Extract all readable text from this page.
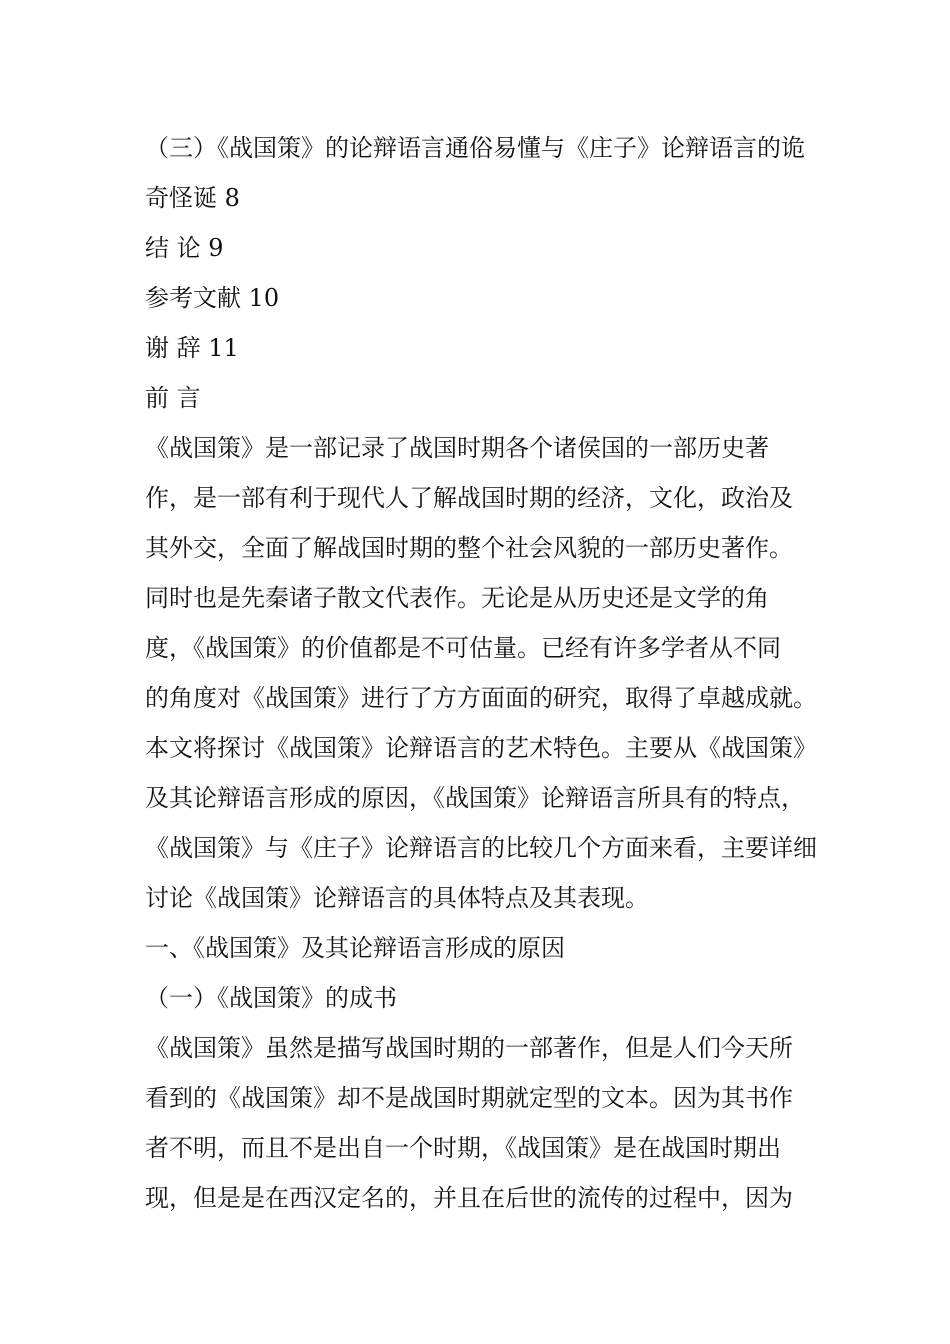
（三）《战国策》的论辩语言通俗易懂与《庄子》论辩语言的诡
奇怪诞 8
结 论 9
参考文献 10
谢 辞 11
前 言
《战国策》是一部记录了战国时期各个诸侯国的一部历史著
作，是一部有利于现代人了解战国时期的经济，文化，政治及
其外交，全面了解战国时期的整个社会风貌的一部历史著作。
同时也是先秦诸子散文代表作。无论是从历史还是文学的角
度，《战国策》的价值都是不可估量。已经有许多学者从不同
的角度对《战国策》进行了方方面面的研究，取得了卓越成就。
本文将探讨《战国策》论辩语言的艺术特色。主要从《战国策》
及其论辩语言形成的原因，《战国策》论辩语言所具有的特点，
《战国策》与《庄子》论辩语言的比较几个方面来看，主要详细
讨论《战国策》论辩语言的具体特点及其表现。
一、《战国策》及其论辩语言形成的原因
（一）《战国策》的成书
《战国策》虽然是描写战国时期的一部著作，但是人们今天所
看到的《战国策》却不是战国时期就定型的文本。因为其书作
者不明，而且不是出自一个时期，《战国策》是在战国时期出
现，但是是在西汉定名的，并且在后世的流传的过程中，因为
